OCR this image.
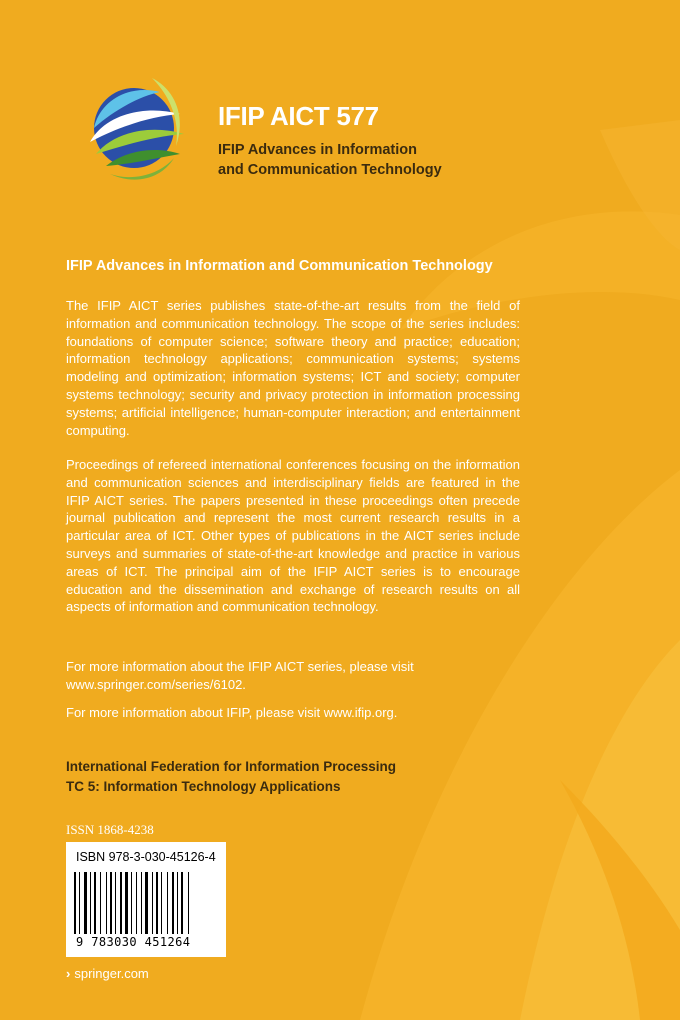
IFIP AICT 577
IFIP Advances in Information
and Communication Technology
IFIP Advances in Information and Communication Technology
The IFIP AICT series publishes state-of-the-art results from the field of information and communication technology. The scope of the series includes: foundations of computer science; software theory and practice; education; information technology applications; communication systems; systems modeling and optimization; information systems; ICT and society; computer systems technology; security and privacy protection in information processing systems; artificial intelligence; human-computer interaction; and entertainment computing.
Proceedings of refereed international conferences focusing on the information and communication sciences and interdisciplinary fields are featured in the IFIP AICT series. The papers presented in these proceedings often precede journal publication and represent the most current research results in a particular area of ICT. Other types of publications in the AICT series include surveys and summaries of state-of-the-art knowledge and practice in various areas of ICT. The principal aim of the IFIP AICT series is to encourage education and the dissemination and exchange of research results on all aspects of information and communication technology.
For more information about the IFIP AICT series, please visit
www.springer.com/series/6102.
For more information about IFIP, please visit www.ifip.org.
International Federation for Information Processing
TC 5: Information Technology Applications
ISSN 1868-4238
ISBN 978-3-030-45126-4
9 783030 451264
› springer.com
